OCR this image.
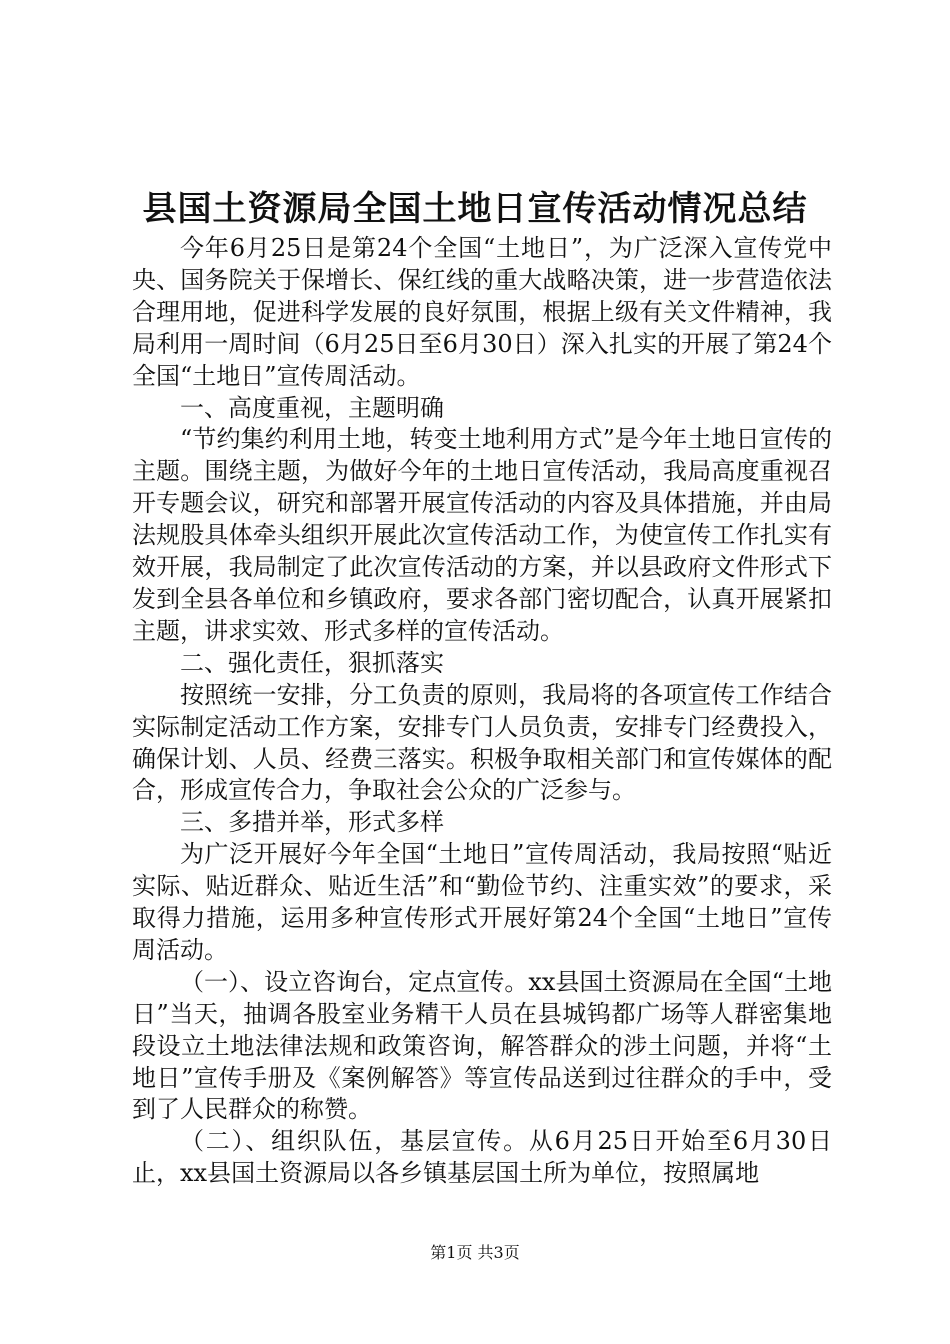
县国土资源局全国土地日宣传活动情况总结

今年6月25日是第24个全国“土地日”，为广泛深入宣传党中央、国务院关于保增长、保红线的重大战略决策，进一步营造依法合理用地，促进科学发展的良好氛围，根据上级有关文件精神，我局利用一周时间（6月25日至6月30日）深入扎实的开展了第24个全国“土地日”宣传周活动。

一、高度重视，主题明确

“节约集约利用土地，转变土地利用方式”是今年土地日宣传的主题。围绕主题，为做好今年的土地日宣传活动，我局高度重视召开专题会议，研究和部署开展宣传活动的内容及具体措施，并由局法规股具体牵头组织开展此次宣传活动工作，为使宣传工作扎实有效开展，我局制定了此次宣传活动的方案，并以县政府文件形式下发到全县各单位和乡镇政府，要求各部门密切配合，认真开展紧扣主题，讲求实效、形式多样的宣传活动。

二、强化责任，狠抓落实

按照统一安排，分工负责的原则，我局将的各项宣传工作结合实际制定活动工作方案，安排专门人员负责，安排专门经费投入，确保计划、人员、经费三落实。积极争取相关部门和宣传媒体的配合，形成宣传合力，争取社会公众的广泛参与。

三、多措并举，形式多样

为广泛开展好今年全国“土地日”宣传周活动，我局按照“贴近实际、贴近群众、贴近生活”和“勤俭节约、注重实效”的要求，采取得力措施，运用多种宣传形式开展好第24个全国“土地日”宣传周活动。

（一）、设立咨询台，定点宣传。xx县国土资源局在全国“土地日”当天，抽调各股室业务精干人员在县城钨都广场等人群密集地段设立土地法律法规和政策咨询，解答群众的涉土问题，并将“土地日”宣传手册及《案例解答》等宣传品送到过往群众的手中，受到了人民群众的称赞。

（二）、组织队伍，基层宣传。从6月25日开始至6月30日止，xx县国土资源局以各乡镇基层国土所为单位，按照属地

第1页 共3页
